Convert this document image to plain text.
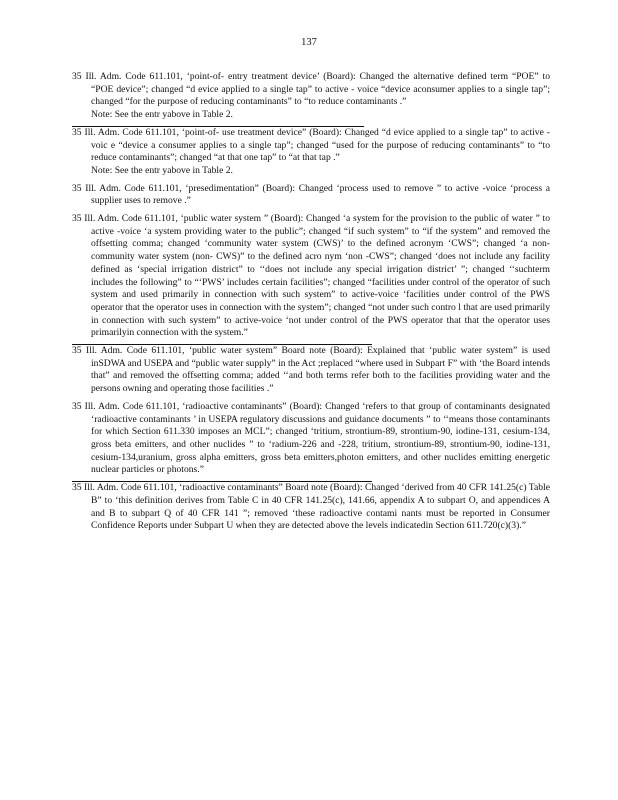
137

35 Ill. Adm. Code 611.101, ‘point-of- entry treatment device’ (Board): Changed the alternative defined term “POE” to “POE device”; changed “d evice applied to a single tap” to active - voice “device aconsumer applies to a single tap”; changed “for the purpose of reducing contaminants” to “to reduce contaminants .”
Note: See the entr yabove in Table 2.

35 Ill. Adm. Code 611.101, ‘point-of- use treatment device” (Board): Changed “d evice applied to a single tap” to active -voic e “device a consumer applies to a single tap”; changed “used for the purpose of reducing contaminants” to “to reduce contaminants”; changed “at that one tap” to “at that tap .”
Note: See the entr yabove in Table 2.

35 Ill. Adm. Code 611.101, ‘presedimentation” (Board): Changed ‘process used to remove ” to active -voice ‘process a supplier uses to remove .”

35 Ill. Adm. Code 611.101, ‘public water system ” (Board): Changed ‘a system for the provision to the public of water ” to active -voice ‘a system providing water to the public”; changed “if such system” to “if the system” and removed the offsetting comma; changed ‘community water system (CWS)’ to the defined acronym ‘CWS”; changed ‘a non- community water system (non- CWS)” to the defined acro nym ‘non -CWS”; changed ‘does not include any facility defined as ‘special irrigation district” to ‘‘does not include any special irrigation district’ ”; changed ‘‘suchterm includes the following” to “‘PWS’ includes certain facilities”; changed “facilities under control of the operator of such system and used primarily in connection with such system” to active-voice ‘facilities under control of the PWS operator that the operator uses in connection with the system”; changed “not under such contro l that are used primarily in connection with such system” to active-voice ‘not under control of the PWS operator that that the operator uses primarilyin connection with the system.”

35 Ill. Adm. Code 611.101, ‘public water system” Board note (Board): Explained that ‘public water system” is used inSDWA and USEPA and “public water supply” in the Act ;replaced “where used in Subpart F” with ‘the Board intends that” and removed the offsetting comma; added ‘‘and both terms refer both to the facilities providing water and the persons owning and operating those facilities .”

35 Ill. Adm. Code 611.101, ‘radioactive contaminants” (Board): Changed ‘refers to that group of contaminants designated ‘radioactive contaminants ’ in USEPA regulatory discussions and guidance documents ” to ‘‘means those contaminants for which Section 611.330 imposes an MCL”; changed ‘tritium, strontium-89, strontium-90, iodine-131, cesium-134, gross beta emitters, and other nuclides ” to ‘radium-226 and -228, tritium, strontium-89, strontium-90, iodine-131, cesium-134,uranium, gross alpha emitters, gross beta emitters,photon emitters, and other nuclides emitting energetic nuclear particles or photons.”

35 Ill. Adm. Code 611.101, ‘radioactive contaminants” Board note (Board): Changed ‘derived from 40 CFR 141.25(c) Table B” to ‘this definition derives from Table C in 40 CFR 141.25(c), 141.66, appendix A to subpart O, and appendices A and B to subpart Q of 40 CFR 141 ”; removed ‘these radioactive contami nants must be reported in Consumer Confidence Reports under Subpart U when they are detected above the levels indicatedin Section 611.720(c)(3).”
